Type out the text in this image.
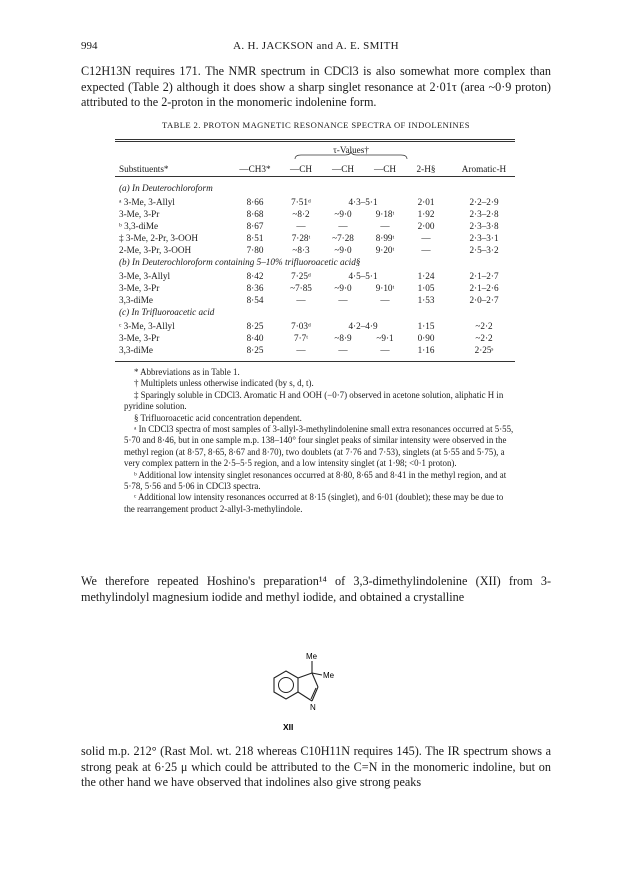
994	A. H. JACKSON and A. E. SMITH
C12H13N requires 171. The NMR spectrum in CDCl3 is also somewhat more complex than expected (Table 2) although it does show a sharp singlet resonance at 2·01τ (area ~0·9 proton) attributed to the 2-proton in the monomeric indolenine form.
TABLE 2. PROTON MAGNETIC RESONANCE SPECTRA OF INDOLENINES
τ-Values†
Substituents*	—CH3*	—CH	—CH	—CH	2-H§	Aromatic-H
(a) In Deuterochloroform
ᵃ 3-Me, 3-Allyl	8·66	7·51ᵈ	4·3–5·1	2·01	2·2–2·9
3-Me, 3-Pr	8·68	~8·2	~9·0	9·18ᵗ	1·92	2·3–2·8
ᵇ 3,3-diMe	8·67	—	—	—	2·00	2·3–3·8
‡ 3-Me, 2-Pr, 3-OOH	8·51	7·28ᵗ	~7·28	8·99ᵗ	—	2·3–3·1
2-Me, 3-Pr, 3-OOH	7·80	~8·3	~9·0	9·20ᵗ	—	2·5–3·2
(b) In Deuterochloroform containing 5–10% trifluoroacetic acid§
3-Me, 3-Allyl	8·42	7·25ᵈ	4·5–5·1	1·24	2·1–2·7
3-Me, 3-Pr	8·36	~7·85	~9·0	9·10ᵗ	1·05	2·1–2·6
3,3-diMe	8·54	—	—	—	1·53	2·0–2·7
(c) In Trifluoroacetic acid
ᶜ 3-Me, 3-Allyl	8·25	7·03ᵈ	4·2–4·9	1·15	~2·2
3-Me, 3-Pr	8·40	7·7ᵗ	~8·9	~9·1	0·90	~2·2
3,3-diMe	8·25	—	—	—	1·16	2·25ˢ

* Abbreviations as in Table 1.

† Multiplets unless otherwise indicated (by s, d, t).

‡ Sparingly soluble in CDCl3. Aromatic H and OOH (−0·7) observed in acetone solution, aliphatic H in pyridine solution.

§ Trifluoroacetic acid concentration dependent.

ᵃ In CDCl3 spectra of most samples of 3-allyl-3-methylindolenine small extra resonances occurred at 5·55, 5·70 and 8·46, but in one sample m.p. 138–140° four singlet peaks of similar intensity were observed in the methyl region (at 8·57, 8·65, 8·67 and 8·70), two doublets (at 7·76 and 7·53), singlets (at 5·55 and 5·75), a very complex pattern in the 2·5–5·5 region, and a low intensity singlet (at 1·98; <0·1 proton).

ᵇ Additional low intensity singlet resonances occurred at 8·80, 8·65 and 8·41 in the methyl region, and at 5·78, 5·56 and 5·06 in CDCl3 spectra.

ᶜ Additional low intensity resonances occurred at 8·15 (singlet), and 6·01 (doublet); these may be due to the rearrangement product 2-allyl-3-methylindole.

We therefore repeated Hoshino's preparation¹⁴ of 3,3-dimethylindolenine (XII) from 3-methylindolyl magnesium iodide and methyl iodide, and obtained a crystalline
Me
Me
N
XII
solid m.p. 212° (Rast Mol. wt. 218 whereas C10H11N requires 145). The IR spectrum shows a strong peak at 6·25 μ which could be attributed to the C=N in the monomeric indoline, but on the other hand we have observed that indolines also give strong peaks
